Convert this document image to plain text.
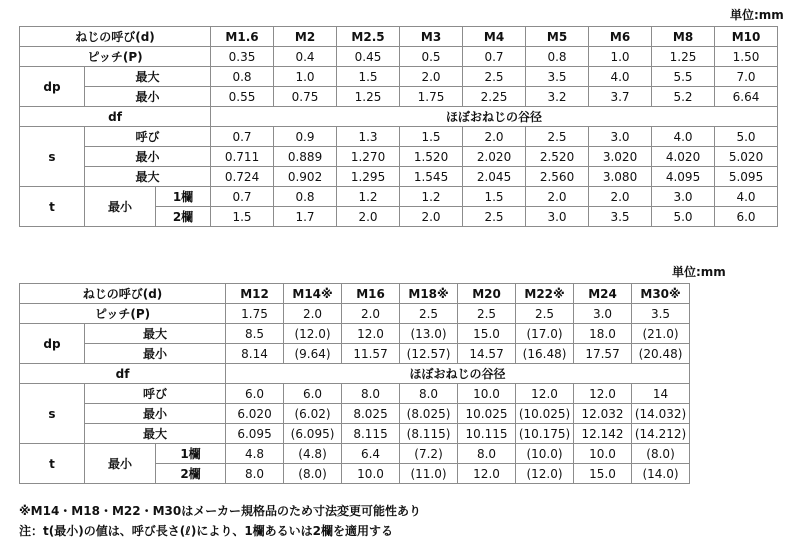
単位:mm
ねじの呼び(d)			M1.6	M2	M2.5	M3	M4	M5	M6	M8	M10
ピッチ(P)			0.35	0.4	0.45	0.5	0.7	0.8	1.0	1.25	1.50
dp	最大		0.8	1.0	1.5	2.0	2.5	3.5	4.0	5.5	7.0
	最小		0.55	0.75	1.25	1.75	2.25	3.2	3.7	5.2	6.64
df			ほぼおねじの谷径								
s	呼び		0.7	0.9	1.3	1.5	2.0	2.5	3.0	4.0	5.0
	最小		0.711	0.889	1.270	1.520	2.020	2.520	3.020	4.020	5.020
	最大		0.724	0.902	1.295	1.545	2.045	2.560	3.080	4.095	5.095
t	最小	1欄	0.7	0.8	1.2	1.2	1.5	2.0	2.0	3.0	4.0
		2欄	1.5	1.7	2.0	2.0	2.5	3.0	3.5	5.0	6.0
単位:mm
ねじの呼び(d)			M12	M14※	M16	M18※	M20	M22※	M24	M30※
ピッチ(P)			1.75	2.0	2.0	2.5	2.5	2.5	3.0	3.5
dp	最大		8.5	(12.0)	12.0	(13.0)	15.0	(17.0)	18.0	(21.0)
	最小		8.14	(9.64)	11.57	(12.57)	14.57	(16.48)	17.57	(20.48)
df			ほぼおねじの谷径							
s	呼び		6.0	6.0	8.0	8.0	10.0	12.0	12.0	14
	最小		6.020	(6.02)	8.025	(8.025)	10.025	(10.025)	12.032	(14.032)
	最大		6.095	(6.095)	8.115	(8.115)	10.115	(10.175)	12.142	(14.212)
t	最小	1欄	4.8	(4.8)	6.4	(7.2)	8.0	(10.0)	10.0	(8.0)
		2欄	8.0	(8.0)	10.0	(11.0)	12.0	(12.0)	15.0	(14.0)
※M14・M18・M22・M30はメーカー規格品のため寸法変更可能性あり
注：t(最小)の値は、呼び長さ(ℓ)により、1欄あるいは2欄を適用する
